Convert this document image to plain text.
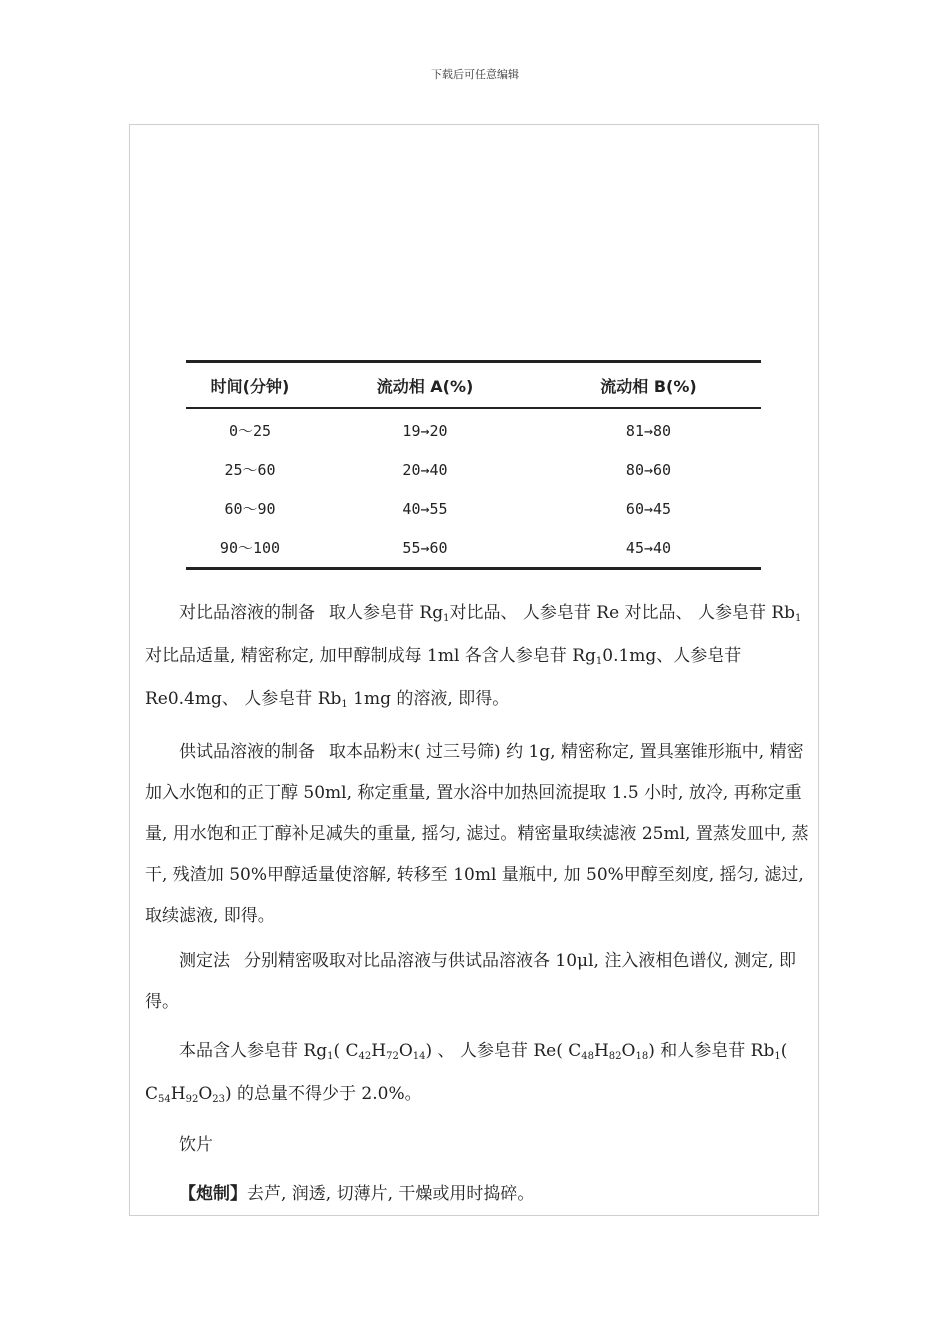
下载后可任意编辑
时间(分钟)	流动相 A(%)	流动相 B(%)
0～25	19→20	81→80
25～60	20→40	80→60
60～90	40→55	60→45
90～100	55→60	45→40

对比品溶液的制备 取人参皂苷 $Rg_1$对比品、 人参皂苷 Re 对比品、 人参皂苷 $Rb_1$对比品适量, 精密称定, 加甲醇制成每 1ml 各含人参皂苷 $Rg_10.1mg$、人参皂苷 Re0.4mg、 人参皂苷 $Rb_1$ 1mg 的溶液, 即得。

供试品溶液的制备 取本品粉末( 过三号筛) 约 1g, 精密称定, 置具塞锥形瓶中, 精密加入水饱和的正丁醇 50ml, 称定重量, 置水浴中加热回流提取 1.5 小时, 放冷, 再称定重量, 用水饱和正丁醇补足减失的重量, 摇匀, 滤过。精密量取续滤液 25ml, 置蒸发皿中, 蒸干, 残渣加 50%甲醇适量使溶解, 转移至 10ml 量瓶中, 加 50%甲醇至刻度, 摇匀, 滤过, 取续滤液, 即得。

测定法 分别精密吸取对比品溶液与供试品溶液各 10μl, 注入液相色谱仪, 测定, 即得。

本品含人参皂苷 $Rg_1$( $C_{42}H_{72}O_{14}$) 、 人参皂苷 Re( $C_{48}H_{82}O_{18}$) 和人参皂苷 $Rb_1$( $C_{54}H_{92}O_{23}$) 的总量不得少于 2.0%。

饮片

【炮制】去芦, 润透, 切薄片, 干燥或用时捣碎。
